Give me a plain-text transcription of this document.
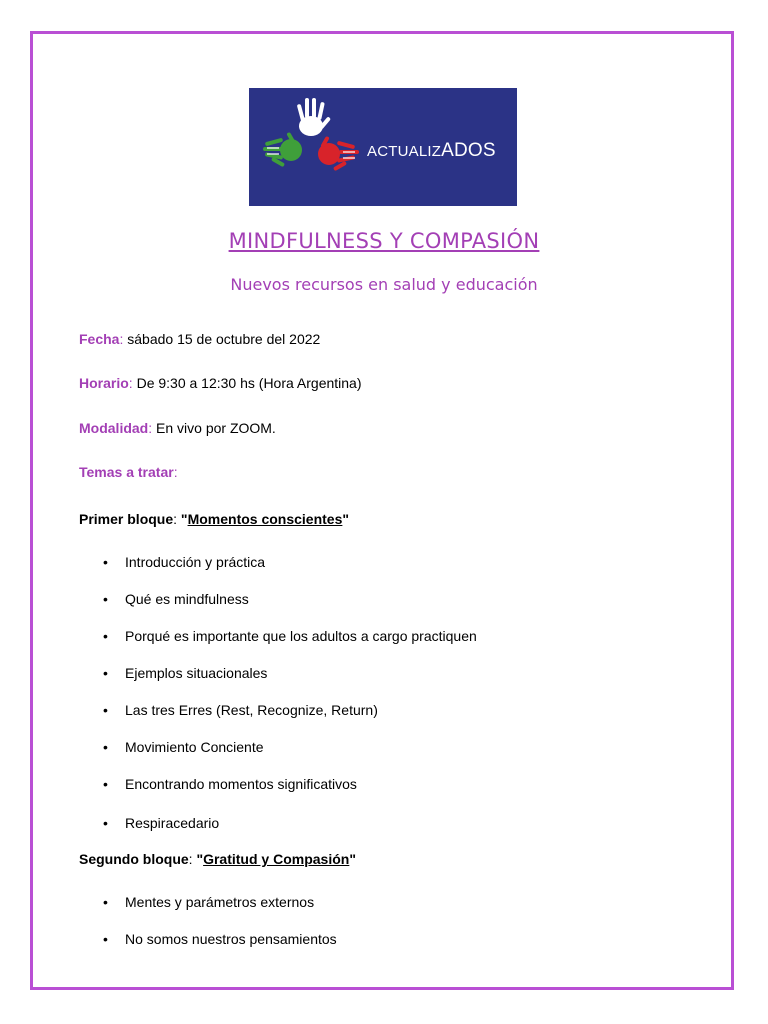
ACTUALIZADOS
MINDFULNESS Y COMPASIÓN
Nuevos recursos en salud y educación
Fecha: sábado 15 de octubre del 2022
Horario: De 9:30 a 12:30 hs (Hora Argentina)
Modalidad: En vivo por ZOOM.
Temas a tratar:
Primer bloque: "Momentos conscientes"
• Introducción y práctica
• Qué es mindfulness
• Porqué es importante que los adultos a cargo practiquen
• Ejemplos situacionales
• Las tres Erres (Rest, Recognize, Return)
• Movimiento Conciente
• Encontrando momentos significativos
• Respiracedario
Segundo bloque: "Gratitud y Compasión"
• Mentes y parámetros externos
• No somos nuestros pensamientos
